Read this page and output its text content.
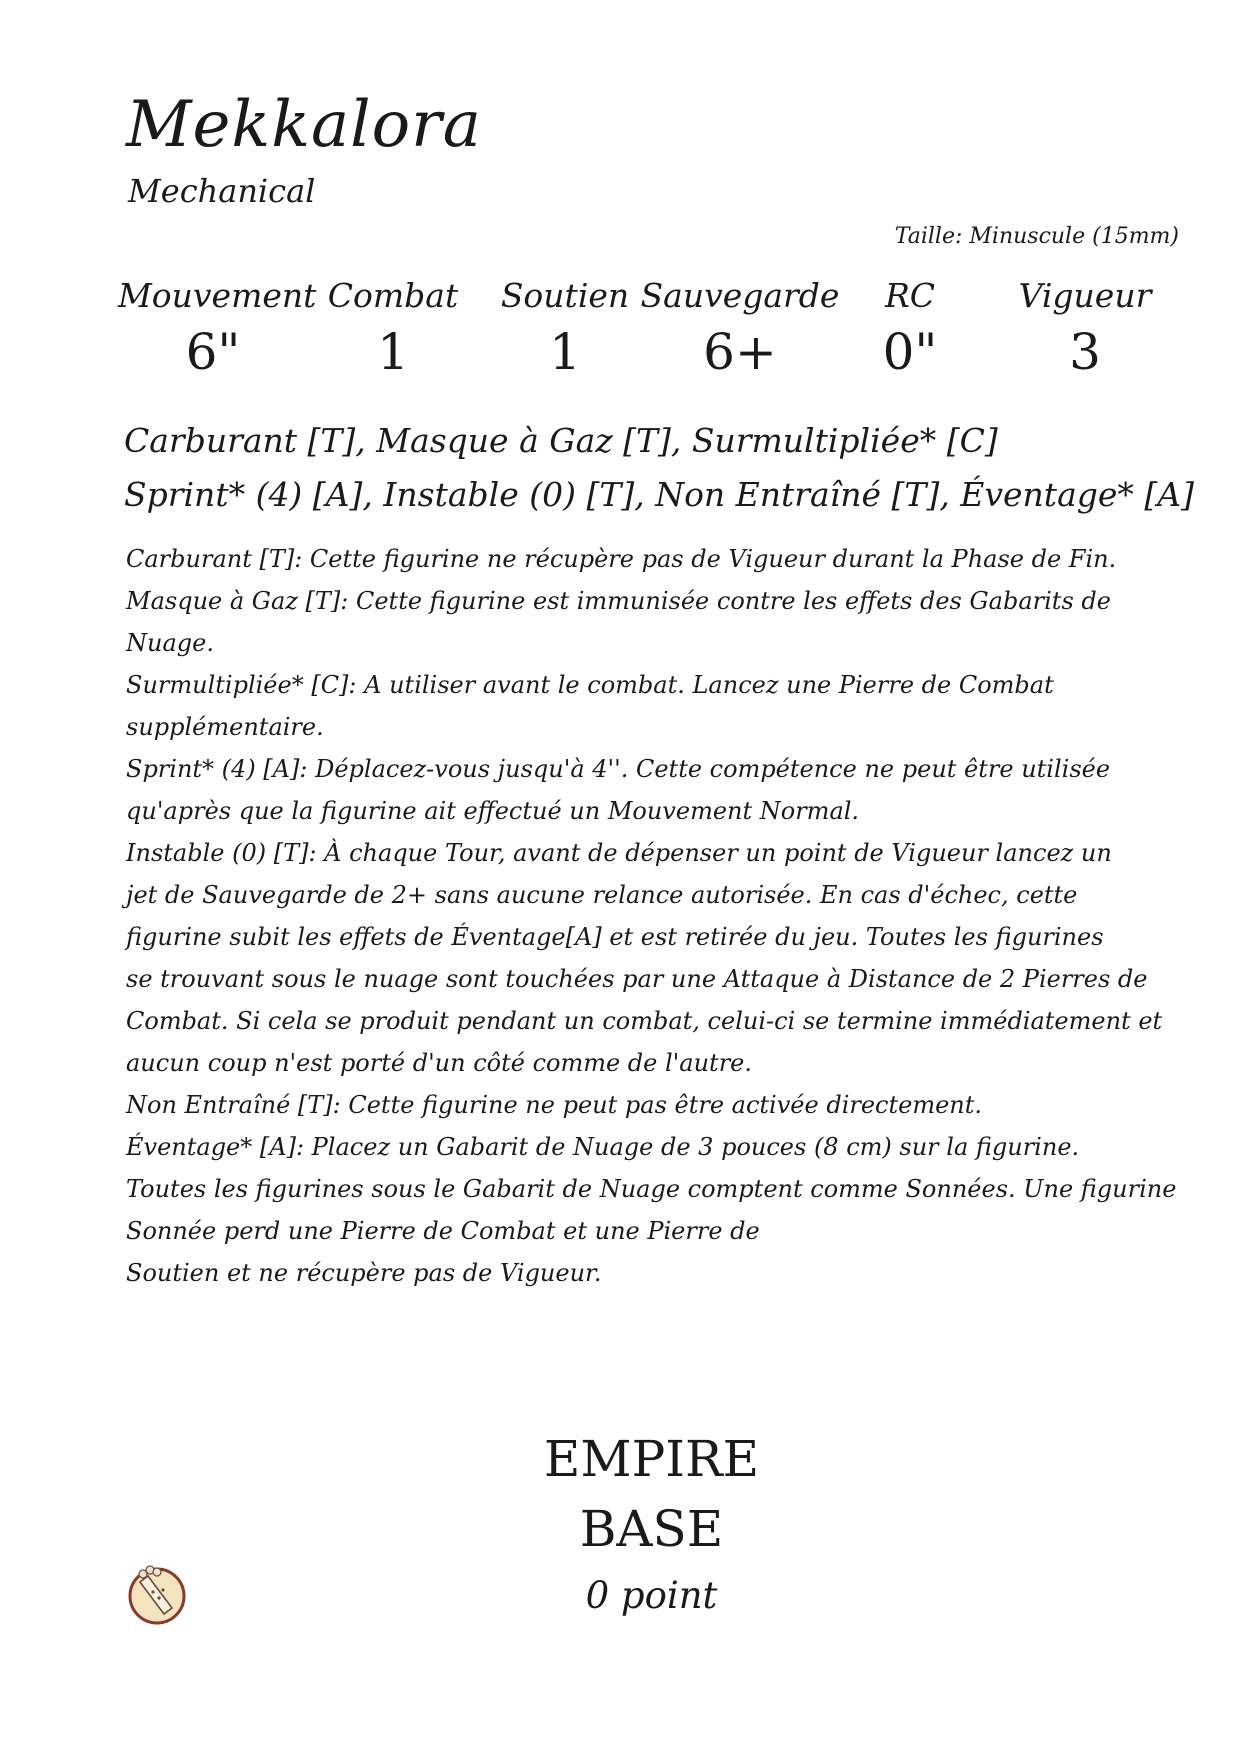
Mekkalora
Mechanical
Taille: Minuscule (15mm)
Mouvement
6"
Combat
1
Soutien
1
Sauvegarde
6+
RC
0"
Vigueur
3
Carburant [T], Masque à Gaz [T], Surmultipliée* [C]
Sprint* (4) [A], Instable (0) [T], Non Entraîné [T], Éventage* [A]
Carburant [T]: Cette figurine ne récupère pas de Vigueur durant la Phase de Fin.
Masque à Gaz [T]: Cette figurine est immunisée contre les effets des Gabarits de
Nuage.
Surmultipliée* [C]: A utiliser avant le combat. Lancez une Pierre de Combat
supplémentaire.
Sprint* (4) [A]: Déplacez-vous jusqu'à 4''. Cette compétence ne peut être utilisée
qu'après que la figurine ait effectué un Mouvement Normal.
Instable (0) [T]: À chaque Tour, avant de dépenser un point de Vigueur lancez un
jet de Sauvegarde de 2+ sans aucune relance autorisée. En cas d'échec, cette
figurine subit les effets de Éventage[A] et est retirée du jeu. Toutes les figurines
se trouvant sous le nuage sont touchées par une Attaque à Distance de 2 Pierres de
Combat. Si cela se produit pendant un combat, celui-ci se termine immédiatement et
aucun coup n'est porté d'un côté comme de l'autre.
Non Entraîné [T]: Cette figurine ne peut pas être activée directement.
Éventage* [A]: Placez un Gabarit de Nuage de 3 pouces (8 cm) sur la figurine.
Toutes les figurines sous le Gabarit de Nuage comptent comme Sonnées. Une figurine
Sonnée perd une Pierre de Combat et une Pierre de
Soutien et ne récupère pas de Vigueur.
EMPIRE
BASE
0 point
